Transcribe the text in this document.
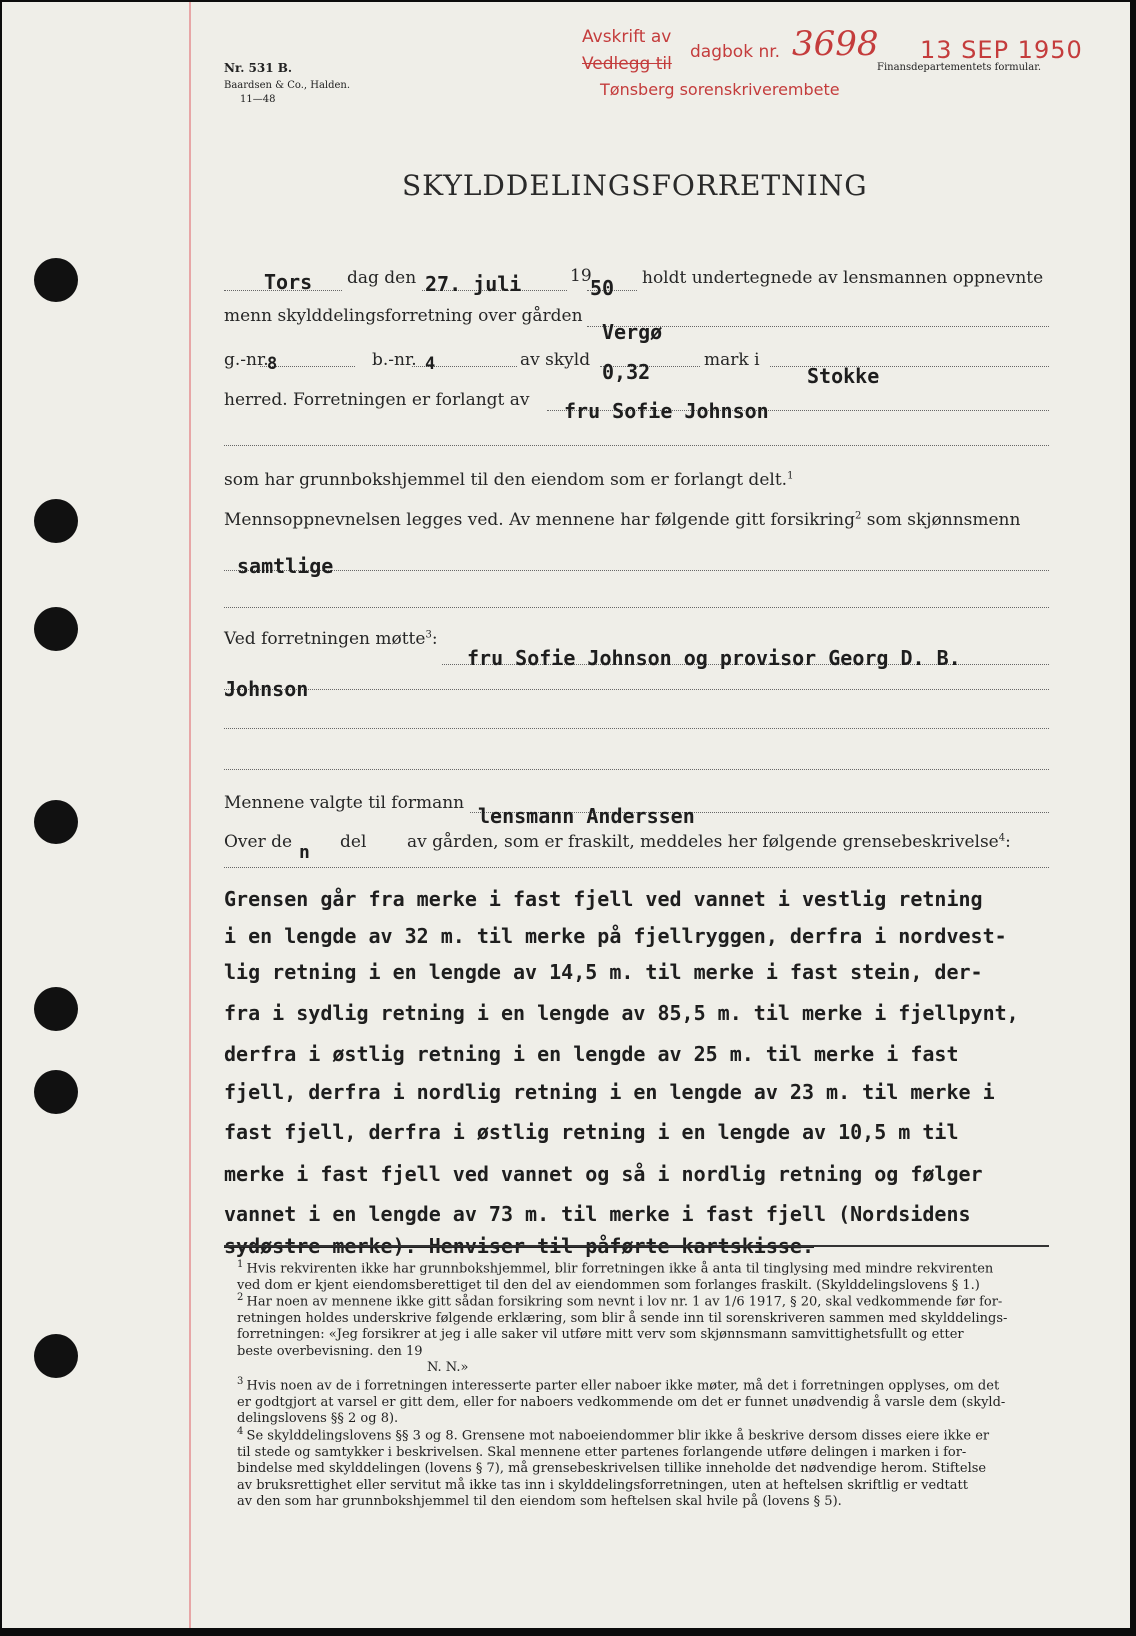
Nr. 531 B.
Baardsen & Co., Halden.
11—48
Avskrift av
Vedlegg til
dagbok nr. 3698
Tønsberg sorenskriverembete
13 SEP 1950
Finansdepartementets formular.
SKYLDDELINGSFORRETNING
Tors dag den 27. juli	19
50 holdt undertegnede av lensmannen oppnevnte
menn skylddelingsforretning over gården
Vergø
g.-nr.
8	b.-nr. 4	av skyld 0,32	mark i
Stokke
herred. Forretningen er forlangt av fru Sofie Johnson
som har grunnbokshjemmel til den eiendom som er forlangt delt.$^1$
Mennsoppnevnelsen legges ved. Av mennene har følgende gitt forsikring$^2$ som skjønnsmenn
samtlige
Ved forretningen møtte$^3$:
fru Sofie Johnson og provisor Georg D. B.
Johnson
Mennene valgte til formann
lensmann Anderssen
Over de n del av gården, som er fraskilt, meddeles her følgende grensebeskrivelse$^4$:
Grensen går fra merke i fast fjell ved vannet i vestlig retning
i en lengde av 32 m. til merke på fjellryggen, derfra i nordvest-
lig retning i en lengde av 14,5 m. til merke i fast stein, der-
fra i sydlig retning i en lengde av 85,5 m. til merke i fjellpynt,
derfra i østlig retning i en lengde av 25 m. til merke i fast
fjell, derfra i nordlig retning i en lengde av 23 m. til merke i
fast fjell, derfra i østlig retning i en lengde av 10,5 m til
merke i fast fjell ved vannet og så i nordlig retning og følger
vannet i en lengde av 73 m. til merke i fast fjell (Nordsidens
sydøstre merke). Henviser til påførte kartskisse.
$^1$ Hvis rekvirenten ikke har grunnbokshjemmel, blir forretningen ikke å anta til tinglysing med mindre rekvirenten
ved dom er kjent eiendomsberettiget til den del av eiendommen som forlanges fraskilt. (Skylddelingslovens § 1.)
$^2$ Har noen av mennene ikke gitt sådan forsikring som nevnt i lov nr. 1 av 1/6 1917, § 20, skal vedkommende før for-
retningen holdes underskrive følgende erklæring, som blir å sende inn til sorenskriveren sammen med skylddelings-
forretningen: «Jeg forsikrer at jeg i alle saker vil utføre mitt verv som skjønnsmann samvittighetsfullt og etter
beste overbevisning. den 19
N. N.»
$^3$ Hvis noen av de i forretningen interesserte parter eller naboer ikke møter, må det i forretningen opplyses, om det
er godtgjort at varsel er gitt dem, eller for naboers vedkommende om det er funnet unødvendig å varsle dem (skyld-
delingslovens §§ 2 og 8).
$^4$ Se skylddelingslovens §§ 3 og 8. Grensene mot naboeiendommer blir ikke å beskrive dersom disses eiere ikke er
til stede og samtykker i beskrivelsen. Skal mennene etter partenes forlangende utføre delingen i marken i for-
bindelse med skylddelingen (lovens § 7), må grensebeskrivelsen tillike inneholde det nødvendige herom. Stiftelse
av bruksrettighet eller servitut må ikke tas inn i skylddelingsforretningen, uten at heftelsen skriftlig er vedtatt
av den som har grunnbokshjemmel til den eiendom som heftelsen skal hvile på (lovens § 5).
